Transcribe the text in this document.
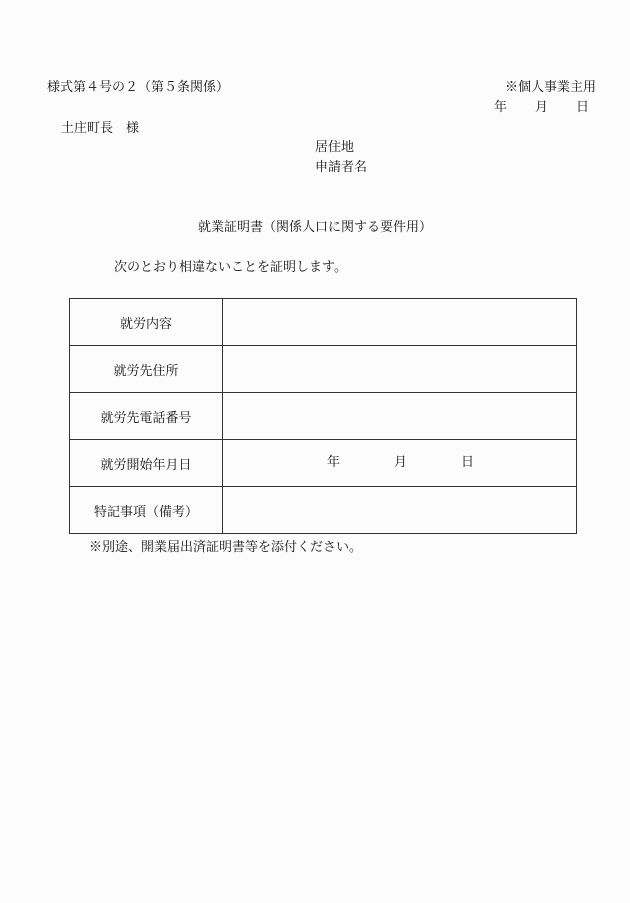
様式第４号の２（第５条関係）	※個人事業主用
年 月 日
土庄町長　様
居住地
申請者名
就業証明書（関係人口に関する要件用）
次のとおり相違ないことを証明します。
就労内容	
就労先住所	
就労先電話番号	
就労開始年月日	年 月 日

特記事項（備考）	
※別途、開業届出済証明書等を添付ください。
